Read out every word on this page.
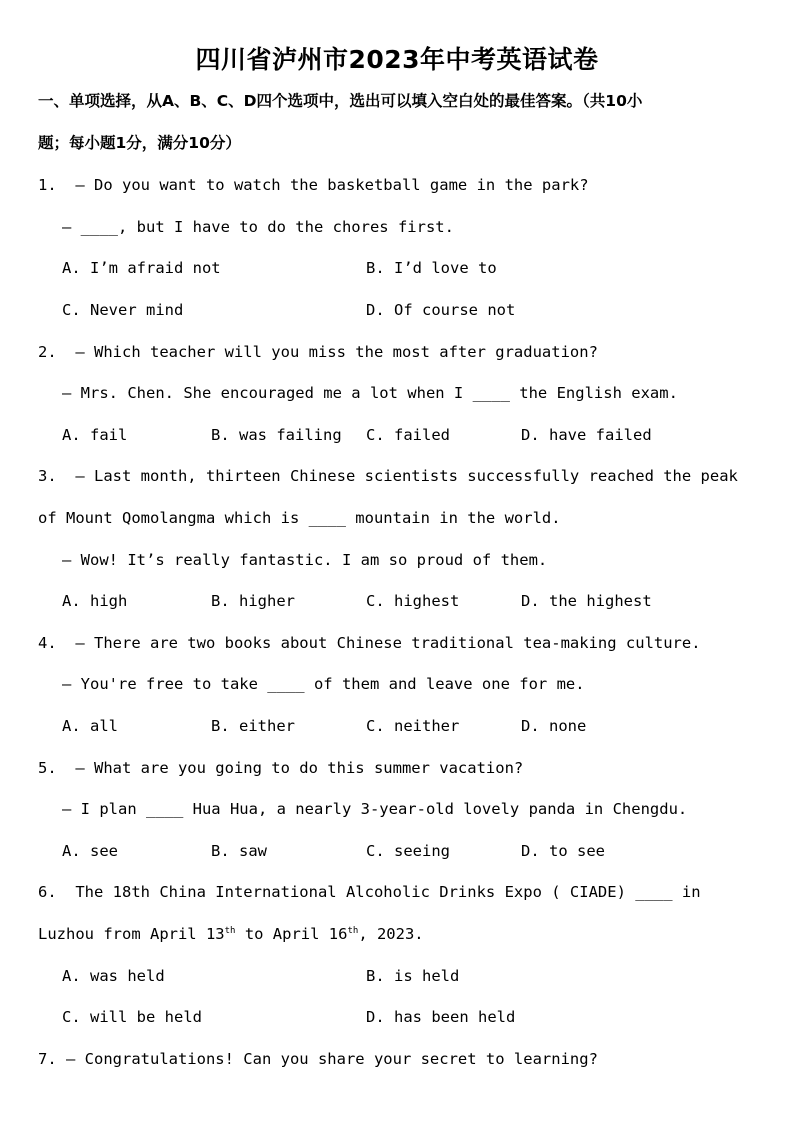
四川省泸州市2023年中考英语试卷
一、单项选择，从A、B、C、D四个选项中，选出可以填入空白处的最佳答案。（共10小
题；每小题1分，满分10分）
1.  — Do you want to watch the basketball game in the park?
— ____, but I have to do the chores first.
A. I’m afraid not	B. I’d love to
C. Never mind	D. Of course not
2.  — Which teacher will you miss the most after graduation?
— Mrs. Chen. She encouraged me a lot when I ____ the English exam.
A. fail	B. was failing C. failed	D. have failed
3.  — Last month, thirteen Chinese scientists successfully reached the peak
of Mount Qomolangma which is ____ mountain in the world.
— Wow! It’s really fantastic. I am so proud of them.
A. high	B. higher	C. highest	D. the highest
4.  — There are two books about Chinese traditional tea-making culture.
— You're free to take ____ of them and leave one for me.
A. all	B. either	C. neither	D. none
5.  — What are you going to do this summer vacation?
— I plan ____ Hua Hua, a nearly 3-year-old lovely panda in Chengdu.
A. see	B. saw	C. seeing	D. to see
6.  The 18th China International Alcoholic Drinks Expo ( CIADE) ____ in
Luzhou from April 13th to April 16th, 2023.
A. was held	B. is held
C. will be held	D. has been held
7. — Congratulations! Can you share your secret to learning?
